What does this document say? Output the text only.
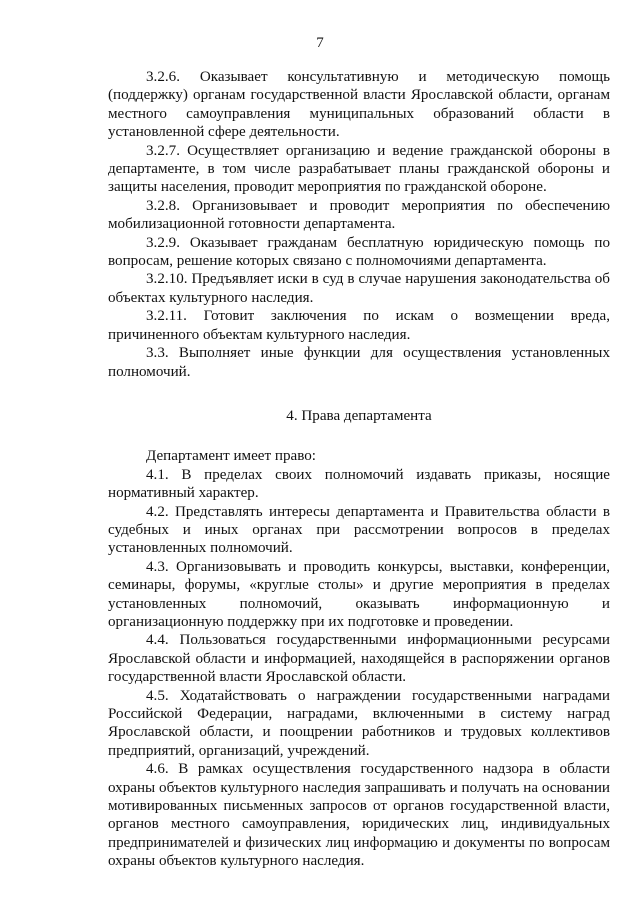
7

3.2.6. Оказывает консультативную и методическую помощь (поддержку) органам государственной власти Ярославской области, органам местного самоуправления муниципальных образований области в установленной сфере деятельности.

3.2.7. Осуществляет организацию и ведение гражданской обороны в департаменте, в том числе разрабатывает планы гражданской обороны и защиты населения, проводит мероприятия по гражданской обороне.

3.2.8. Организовывает и проводит мероприятия по обеспечению мобилизационной готовности департамента.

3.2.9. Оказывает гражданам бесплатную юридическую помощь по вопросам, решение которых связано с полномочиями департамента.

3.2.10. Предъявляет иски в суд в случае нарушения законодательства об объектах культурного наследия.

3.2.11. Готовит заключения по искам о возмещении вреда, причиненного объектам культурного наследия.

3.3. Выполняет иные функции для осуществления установленных полномочий.

4. Права департамента

Департамент имеет право:

4.1. В пределах своих полномочий издавать приказы, носящие нормативный характер.

4.2. Представлять интересы департамента и Правительства области в судебных и иных органах при рассмотрении вопросов в пределах установленных полномочий.

4.3. Организовывать и проводить конкурсы, выставки, конференции, семинары, форумы, «круглые столы» и другие мероприятия в пределах установленных полномочий, оказывать информационную и организационную поддержку при их подготовке и проведении.

4.4. Пользоваться государственными информационными ресурсами Ярославской области и информацией, находящейся в распоряжении органов государственной власти Ярославской области.

4.5. Ходатайствовать о награждении государственными наградами Российской Федерации, наградами, включенными в систему наград Ярославской области, и поощрении работников и трудовых коллективов предприятий, организаций, учреждений.

4.6. В рамках осуществления государственного надзора в области охраны объектов культурного наследия запрашивать и получать на основании мотивированных письменных запросов от органов государственной власти, органов местного самоуправления, юридических лиц, индивидуальных предпринимателей и физических лиц информацию и документы по вопросам охраны объектов культурного наследия.
